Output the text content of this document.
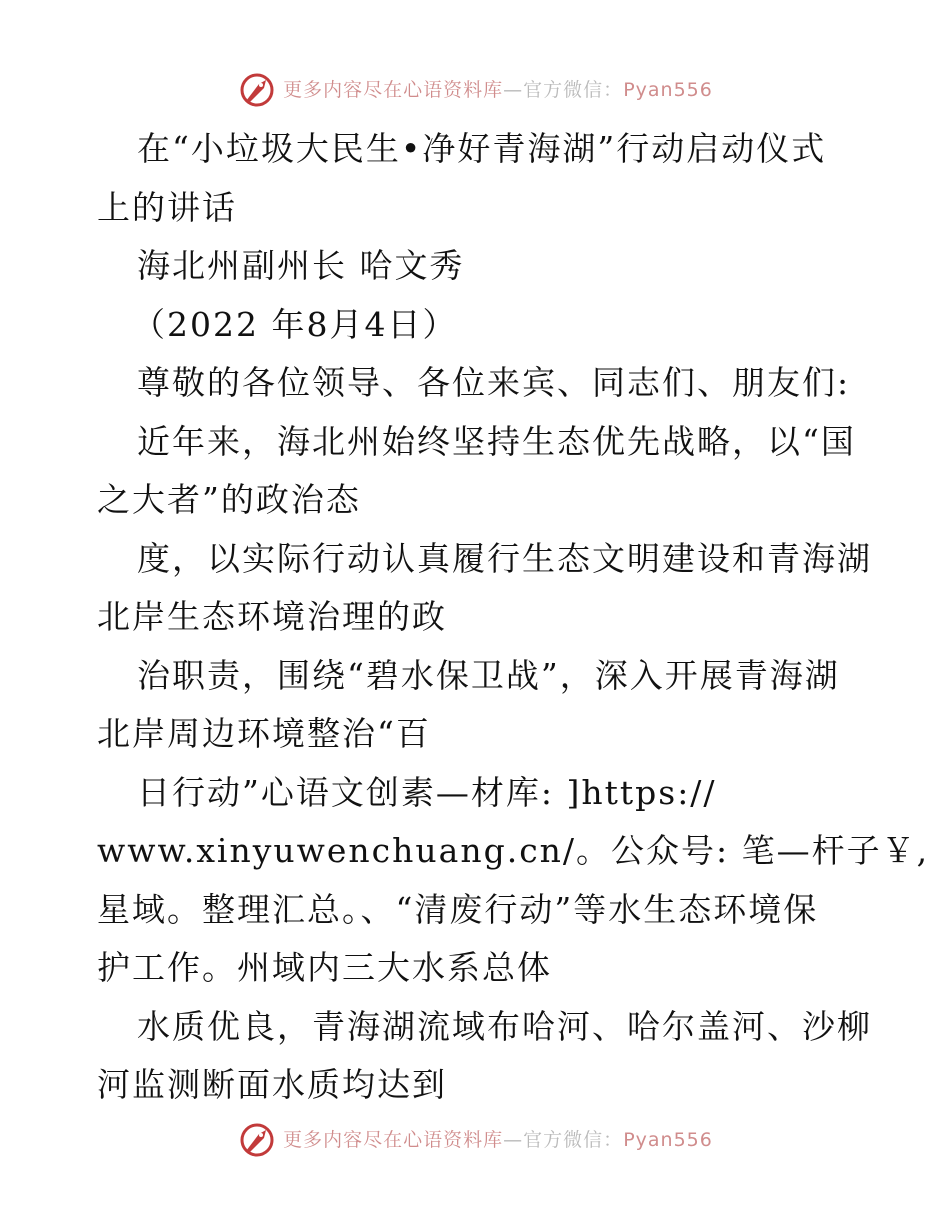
更多内容尽在心语资料库—官方微信：Pyan556
在“小垃圾大民生•净好青海湖”行动启动仪式
上的讲话
海北州副州长 哈文秀
（2022 年8月4日）
尊敬的各位领导、各位来宾、同志们、朋友们:
近年来，海北州始终坚持生态优先战略，以“国
之大者”的政治态
度，以实际行动认真履行生态文明建设和青海湖
北岸生态环境治理的政
治职责，围绕“碧水保卫战”，深入开展青海湖
北岸周边环境整治“百
日行动”心语文创素—材库: ]https://
www.xinyuwenchuang.cn/。公众号: 笔—杆子￥,
星域。整理汇总。、“清废行动”等水生态环境保
护工作。州域内三大水系总体
水质优良，青海湖流域布哈河、哈尔盖河、沙柳
河监测断面水质均达到
更多内容尽在心语资料库—官方微信：Pyan556
